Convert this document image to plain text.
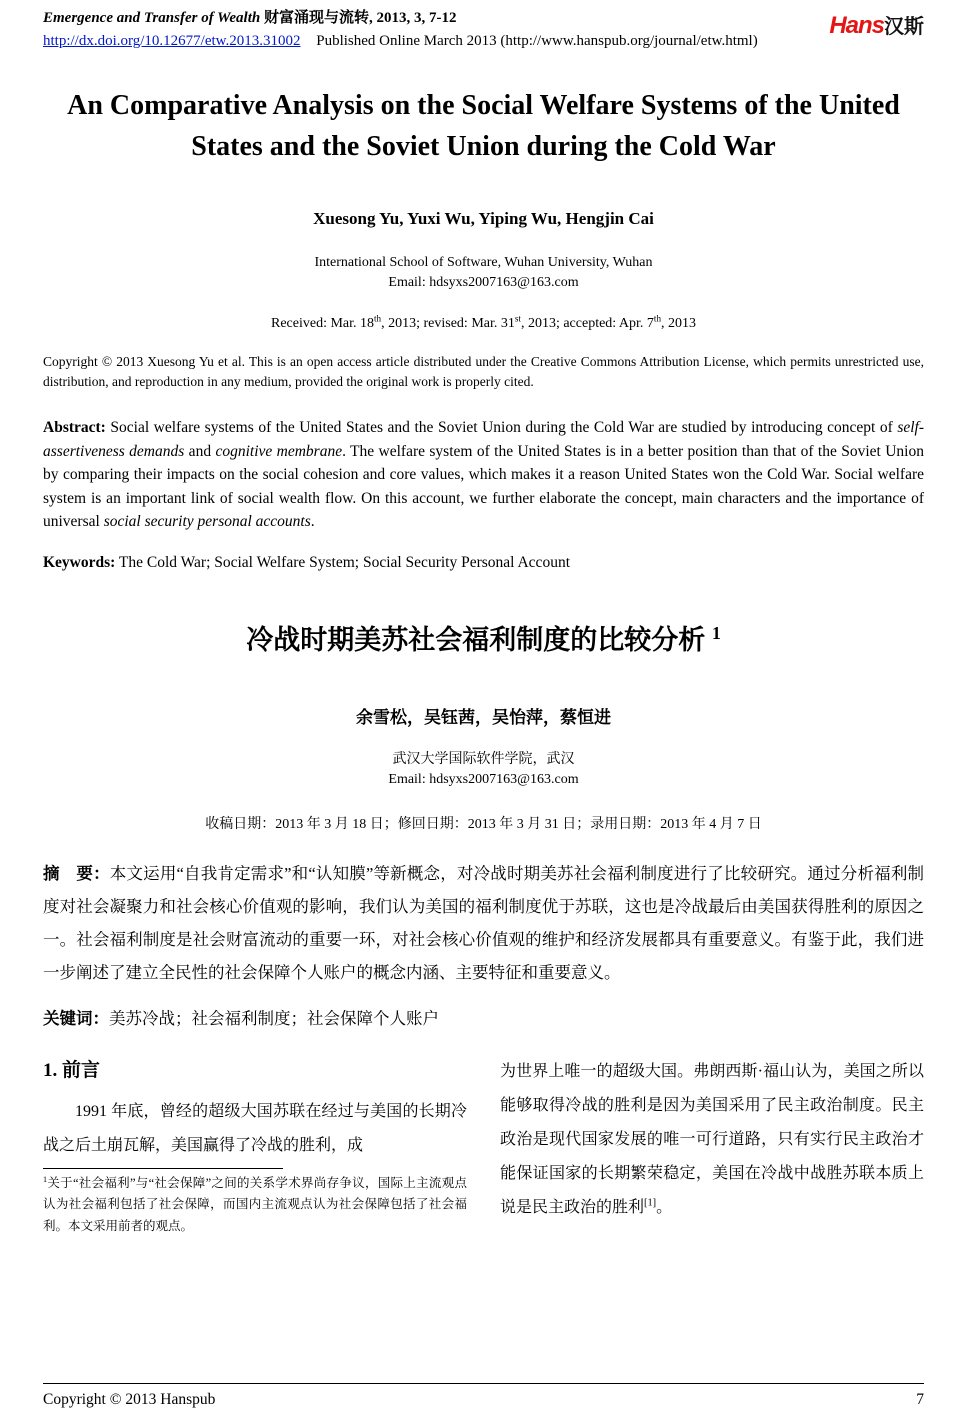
Emergence and Transfer of Wealth 财富涌现与流转, 2013, 3, 7-12
http://dx.doi.org/10.12677/etw.2013.31002 Published Online March 2013 (http://www.hanspub.org/journal/etw.html)
Hans汉斯
An Comparative Analysis on the Social Welfare Systems of the United States and the Soviet Union during the Cold War
Xuesong Yu, Yuxi Wu, Yiping Wu, Hengjin Cai
International School of Software, Wuhan University, Wuhan
Email: hdsyxs2007163@163.com
Received: Mar. 18th, 2013; revised: Mar. 31st, 2013; accepted: Apr. 7th, 2013

Copyright © 2013 Xuesong Yu et al. This is an open access article distributed under the Creative Commons Attribution License, which permits unrestricted use, distribution, and reproduction in any medium, provided the original work is properly cited.

Abstract: Social welfare systems of the United States and the Soviet Union during the Cold War are studied by introducing concept of self-assertiveness demands and cognitive membrane. The welfare system of the United States is in a better position than that of the Soviet Union by comparing their impacts on the social cohesion and core values, which makes it a reason United States won the Cold War. Social welfare system is an important link of social wealth flow. On this account, we further elaborate the concept, main characters and the importance of universal social security personal accounts.

Keywords: The Cold War; Social Welfare System; Social Security Personal Account

冷战时期美苏社会福利制度的比较分析 $^1$
余雪松，吴钰茜，吴怡萍，蔡恒进
武汉大学国际软件学院，武汉
Email: hdsyxs2007163@163.com
收稿日期：2013 年 3 月 18 日；修回日期：2013 年 3 月 31 日；录用日期：2013 年 4 月 7 日

摘　要：本文运用“自我肯定需求”和“认知膜”等新概念，对冷战时期美苏社会福利制度进行了比较研究。通过分析福利制度对社会凝聚力和社会核心价值观的影响，我们认为美国的福利制度优于苏联，这也是冷战最后由美国获得胜利的原因之一。社会福利制度是社会财富流动的重要一环，对社会核心价值观的维护和经济发展都具有重要意义。有鉴于此，我们进一步阐述了建立全民性的社会保障个人账户的概念内涵、主要特征和重要意义。

关键词：美苏冷战；社会福利制度；社会保障个人账户

1. 前言

1991 年底，曾经的超级大国苏联在经过与美国的长期冷战之后土崩瓦解，美国赢得了冷战的胜利，成

$^1$关于“社会福利”与“社会保障”之间的关系学术界尚存争议，国际上主流观点认为社会福利包括了社会保障，而国内主流观点认为社会保障包括了社会福利。本文采用前者的观点。

为世界上唯一的超级大国。弗朗西斯·福山认为，美国之所以能够取得冷战的胜利是因为美国采用了民主政治制度。民主政治是现代国家发展的唯一可行道路，只有实行民主政治才能保证国家的长期繁荣稳定，美国在冷战中战胜苏联本质上说是民主政治的胜利[1]。

Copyright © 2013 Hanspub	7
